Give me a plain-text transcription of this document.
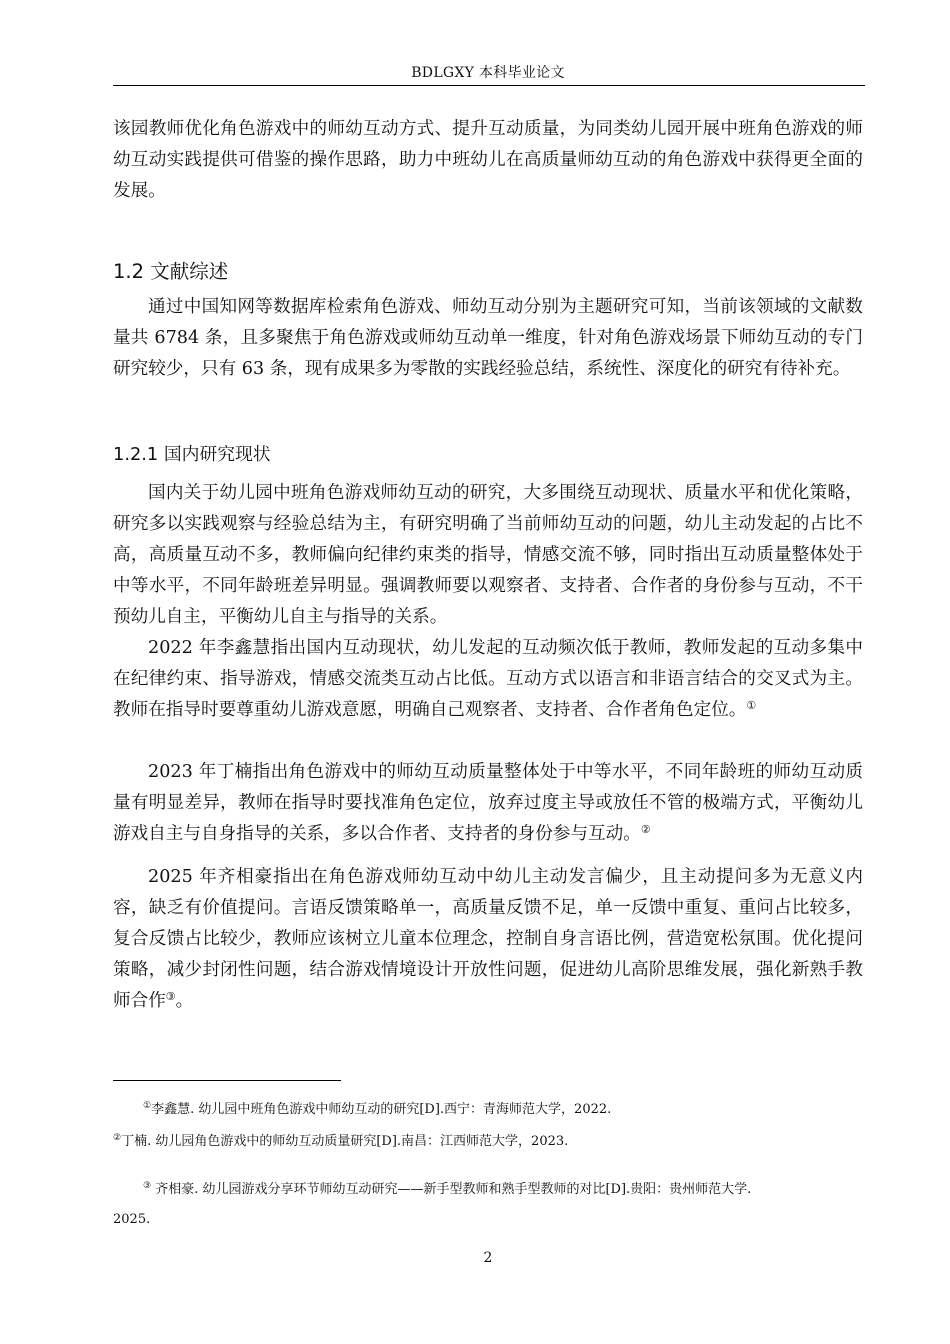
BDLGXY 本科毕业论文

该园教师优化角色游戏中的师幼互动方式、提升互动质量，为同类幼儿园开展中班角色游戏的师幼互动实践提供可借鉴的操作思路，助力中班幼儿在高质量师幼互动的角色游戏中获得更全面的发展。

1.2 文献综述

通过中国知网等数据库检索角色游戏、师幼互动分别为主题研究可知，当前该领域的文献数量共 6784 条，且多聚焦于角色游戏或师幼互动单一维度，针对角色游戏场景下师幼互动的专门研究较少，只有 63 条，现有成果多为零散的实践经验总结，系统性、深度化的研究有待补充。

1.2.1 国内研究现状

国内关于幼儿园中班角色游戏师幼互动的研究，大多围绕互动现状、质量水平和优化策略，研究多以实践观察与经验总结为主，有研究明确了当前师幼互动的问题，幼儿主动发起的占比不高，高质量互动不多，教师偏向纪律约束类的指导，情感交流不够，同时指出互动质量整体处于中等水平，不同年龄班差异明显。强调教师要以观察者、支持者、合作者的身份参与互动，不干预幼儿自主，平衡幼儿自主与指导的关系。

2022 年李鑫慧指出国内互动现状，幼儿发起的互动频次低于教师，教师发起的互动多集中在纪律约束、指导游戏，情感交流类互动占比低。互动方式以语言和非语言结合的交叉式为主。教师在指导时要尊重幼儿游戏意愿，明确自己观察者、支持者、合作者角色定位。①

2023 年丁楠指出角色游戏中的师幼互动质量整体处于中等水平，不同年龄班的师幼互动质量有明显差异，教师在指导时要找准角色定位，放弃过度主导或放任不管的极端方式，平衡幼儿游戏自主与自身指导的关系，多以合作者、支持者的身份参与互动。②

2025 年齐相豪指出在角色游戏师幼互动中幼儿主动发言偏少，且主动提问多为无意义内容，缺乏有价值提问。言语反馈策略单一，高质量反馈不足，单一反馈中重复、重问占比较多，复合反馈占比较少，教师应该树立儿童本位理念，控制自身言语比例，营造宽松氛围。优化提问策略，减少封闭性问题，结合游戏情境设计开放性问题，促进幼儿高阶思维发展，强化新熟手教师合作③。

①李鑫慧. 幼儿园中班角色游戏中师幼互动的研究[D].西宁：青海师范大学，2022.

②丁楠. 幼儿园角色游戏中的师幼互动质量研究[D].南昌：江西师范大学，2023.

③ 齐相豪. 幼儿园游戏分享环节师幼互动研究——新手型教师和熟手型教师的对比[D].贵阳：贵州师范大学.

2025.

2
